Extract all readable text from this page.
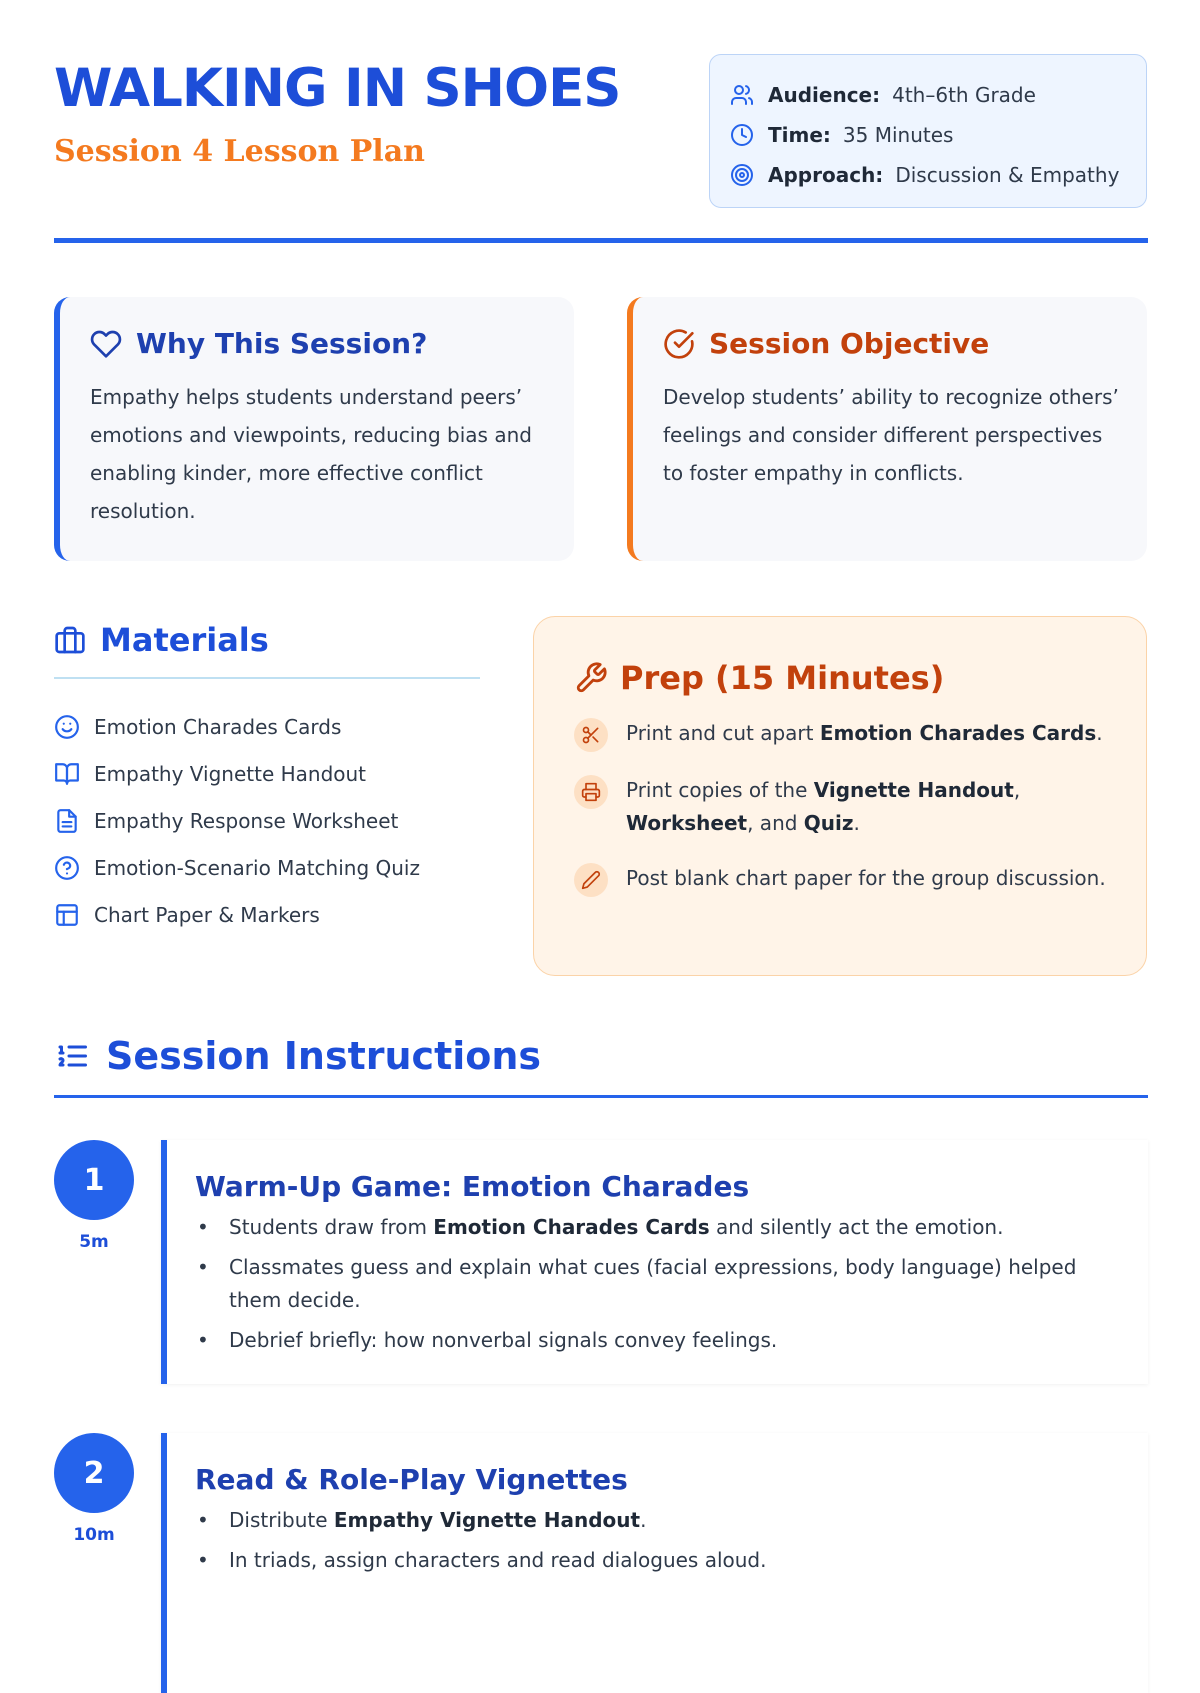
WALKING IN SHOES
Session 4 Lesson Plan
Audience: 4th–6th Grade
Time: 35 Minutes
Approach: Discussion & Empathy
Why This Session?

Empathy helps students understand peers’ emotions and viewpoints, reducing bias and enabling kinder, more effective conflict resolution.

Session Objective

Develop students’ ability to recognize others’ feelings and consider different perspectives to foster empathy in conflicts.

Materials
Emotion Charades Cards
Empathy Vignette Handout
Empathy Response Worksheet
Emotion-Scenario Matching Quiz
Chart Paper & Markers
Prep (15 Minutes)
Print and cut apart Emotion Charades Cards.
Print copies of the Vignette Handout, Worksheet, and Quiz.
Post blank chart paper for the group discussion.
Session Instructions
1
5m
Warm-Up Game: Emotion Charades
• Students draw from Emotion Charades Cards and silently act the emotion.
• Classmates guess and explain what cues (facial expressions, body language) helped them decide.
• Debrief briefly: how nonverbal signals convey feelings.
2
10m
Read & Role-Play Vignettes
• Distribute Empathy Vignette Handout.
• In triads, assign characters and read dialogues aloud.
